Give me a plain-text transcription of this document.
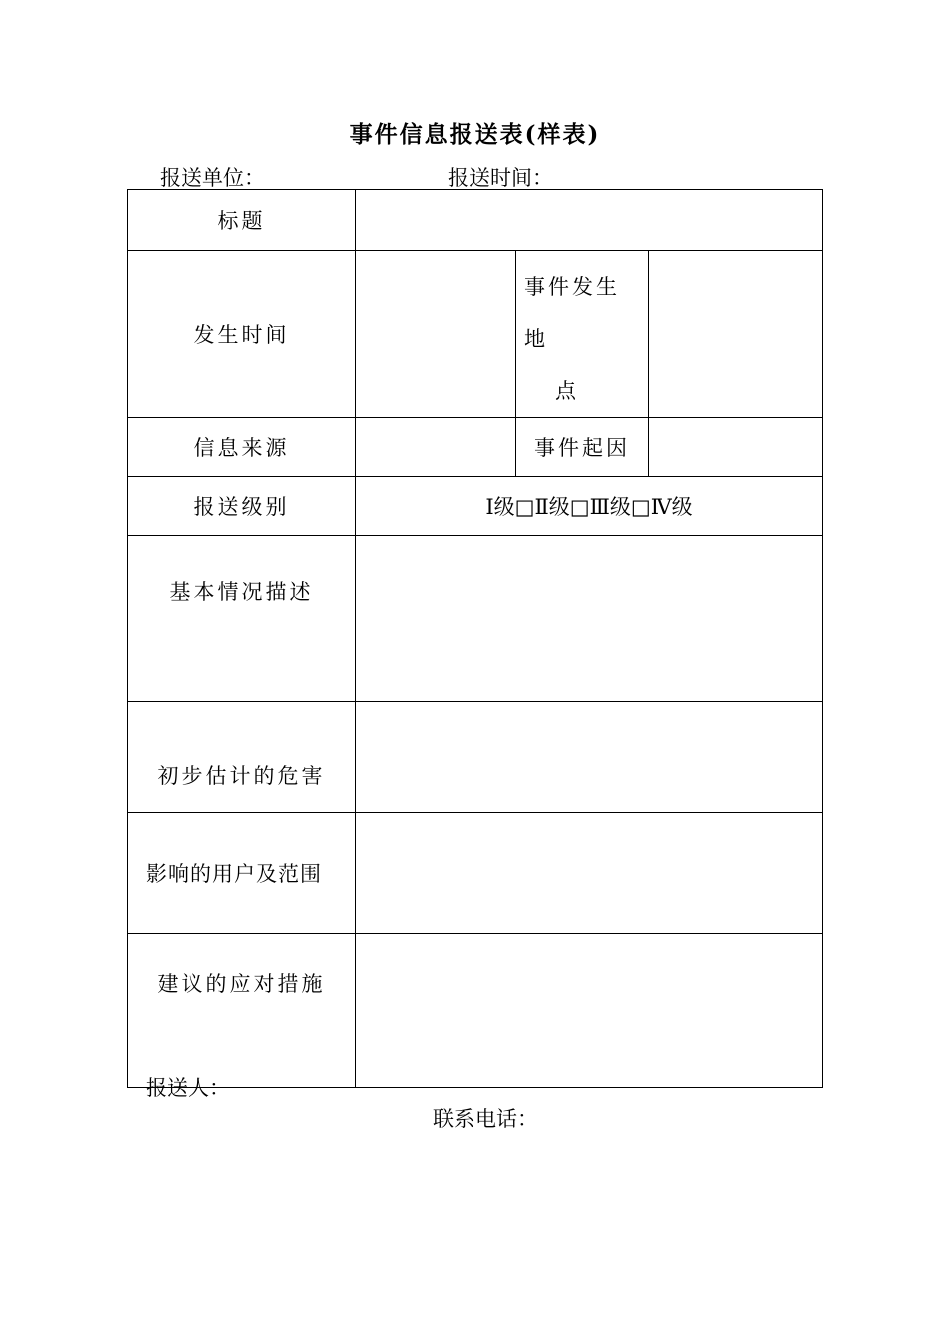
事件信息报送表(样表)
报送单位：	报送时间：
标题			
发生时间		事件发生
地
点	

信息来源		事件起因	
报送级别	Ⅰ级□Ⅱ级□Ⅲ级□Ⅳ级		
基本情况描述			
初步估计的危害			
影响的用户及范围			
建议的应对措施			
报送人：
联系电话：
